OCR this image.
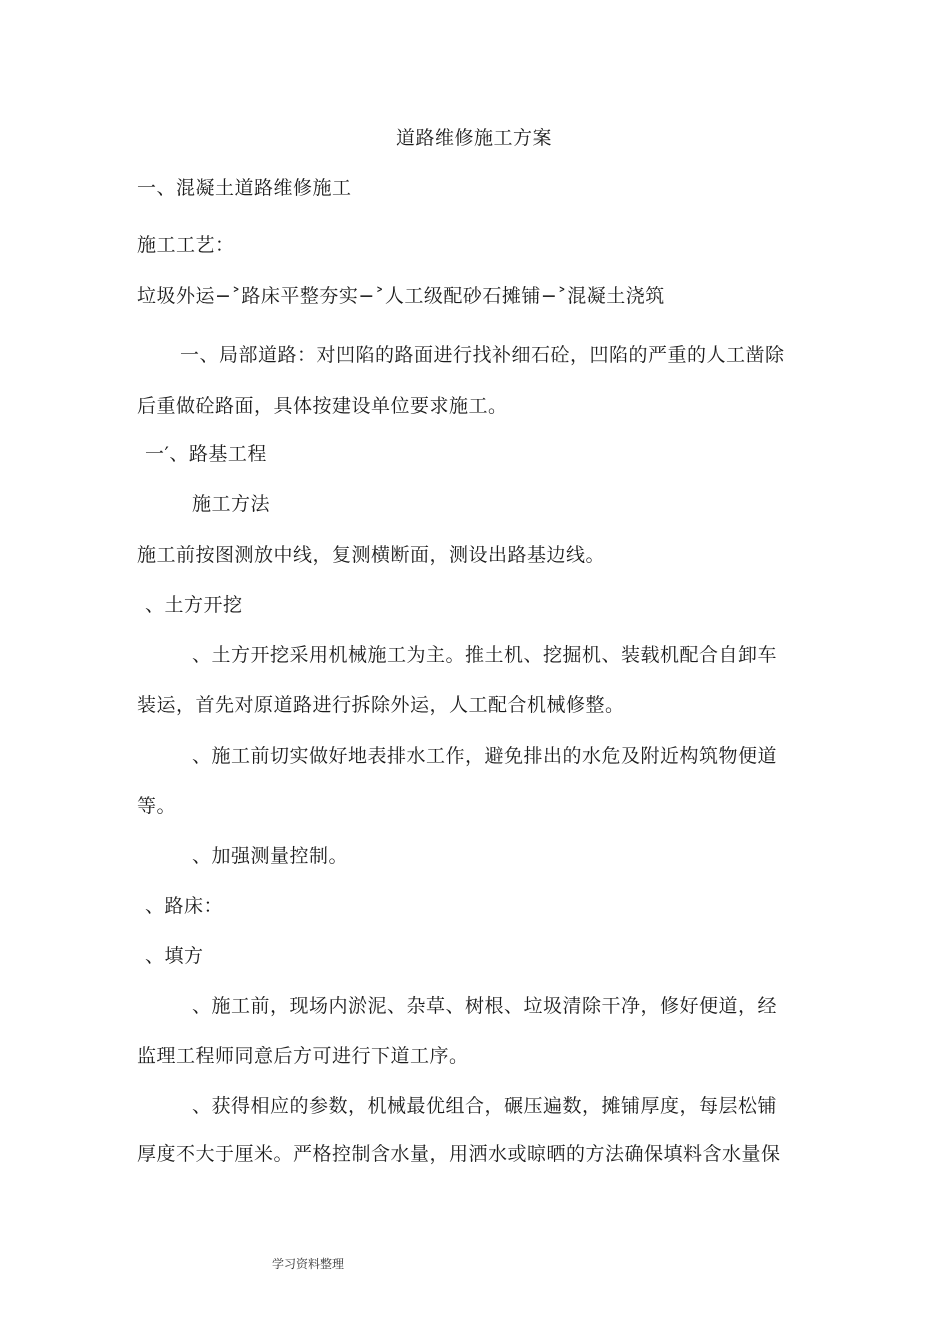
道路维修施工方案
一、混凝土道路维修施工
施工工艺：
垃圾外运−˃路床平整夯实−˃人工级配砂石摊铺−˃混凝土浇筑
一、局部道路：对凹陷的路面进行找补细石砼，凹陷的严重的人工凿除
后重做砼路面，具体按建设单位要求施工。
一′、路基工程
施工方法
施工前按图测放中线，复测横断面，测设出路基边线。
、土方开挖
、土方开挖采用机械施工为主。推土机、挖掘机、装载机配合自卸车
装运，首先对原道路进行拆除外运，人工配合机械修整。
、施工前切实做好地表排水工作，避免排出的水危及附近构筑物便道
等。
、加强测量控制。
、路床：
、填方
、施工前，现场内淤泥、杂草、树根、垃圾清除干净，修好便道，经
监理工程师同意后方可进行下道工序。
、获得相应的参数，机械最优组合，碾压遍数，摊铺厚度，每层松铺
厚度不大于厘米。严格控制含水量，用洒水或晾晒的方法确保填料含水量保
学习资料整理
